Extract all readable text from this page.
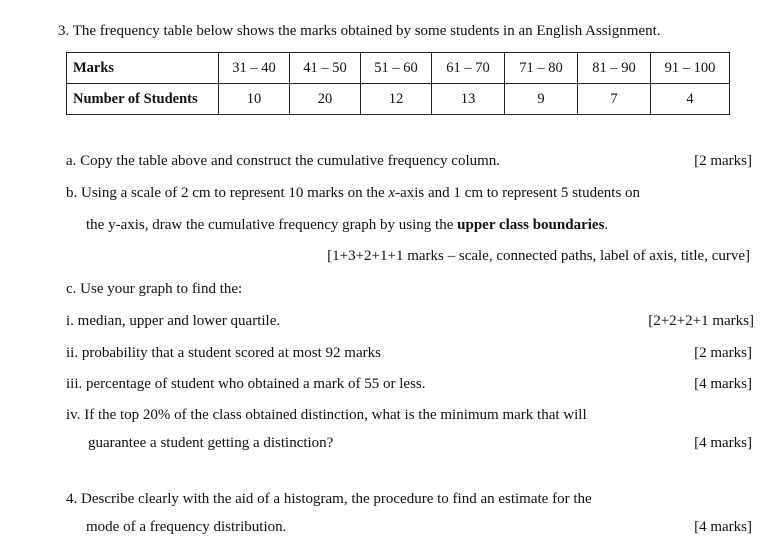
3. The frequency table below shows the marks obtained by some students in an English Assignment.
Marks	31 – 40	41 – 50	51 – 60	61 – 70	71 – 80	81 – 90	91 – 100
Number of Students	10	20	12	13	9	7	4
a. Copy the table above and construct the cumulative frequency column.	[2 marks]
b. Using a scale of 2 cm to represent 10 marks on the x-axis and 1 cm to represent 5 students on
the y-axis, draw the cumulative frequency graph by using the upper class boundaries.
[1+3+2+1+1 marks – scale, connected paths, label of axis, title, curve]
c. Use your graph to find the:
i. median, upper and lower quartile.	[2+2+2+1 marks]
ii. probability that a student scored at most 92 marks	[2 marks]
iii. percentage of student who obtained a mark of 55 or less.	[4 marks]
iv. If the top 20% of the class obtained distinction, what is the minimum mark that will
guarantee a student getting a distinction?	[4 marks]
4. Describe clearly with the aid of a histogram, the procedure to find an estimate for the
mode of a frequency distribution.	[4 marks]
